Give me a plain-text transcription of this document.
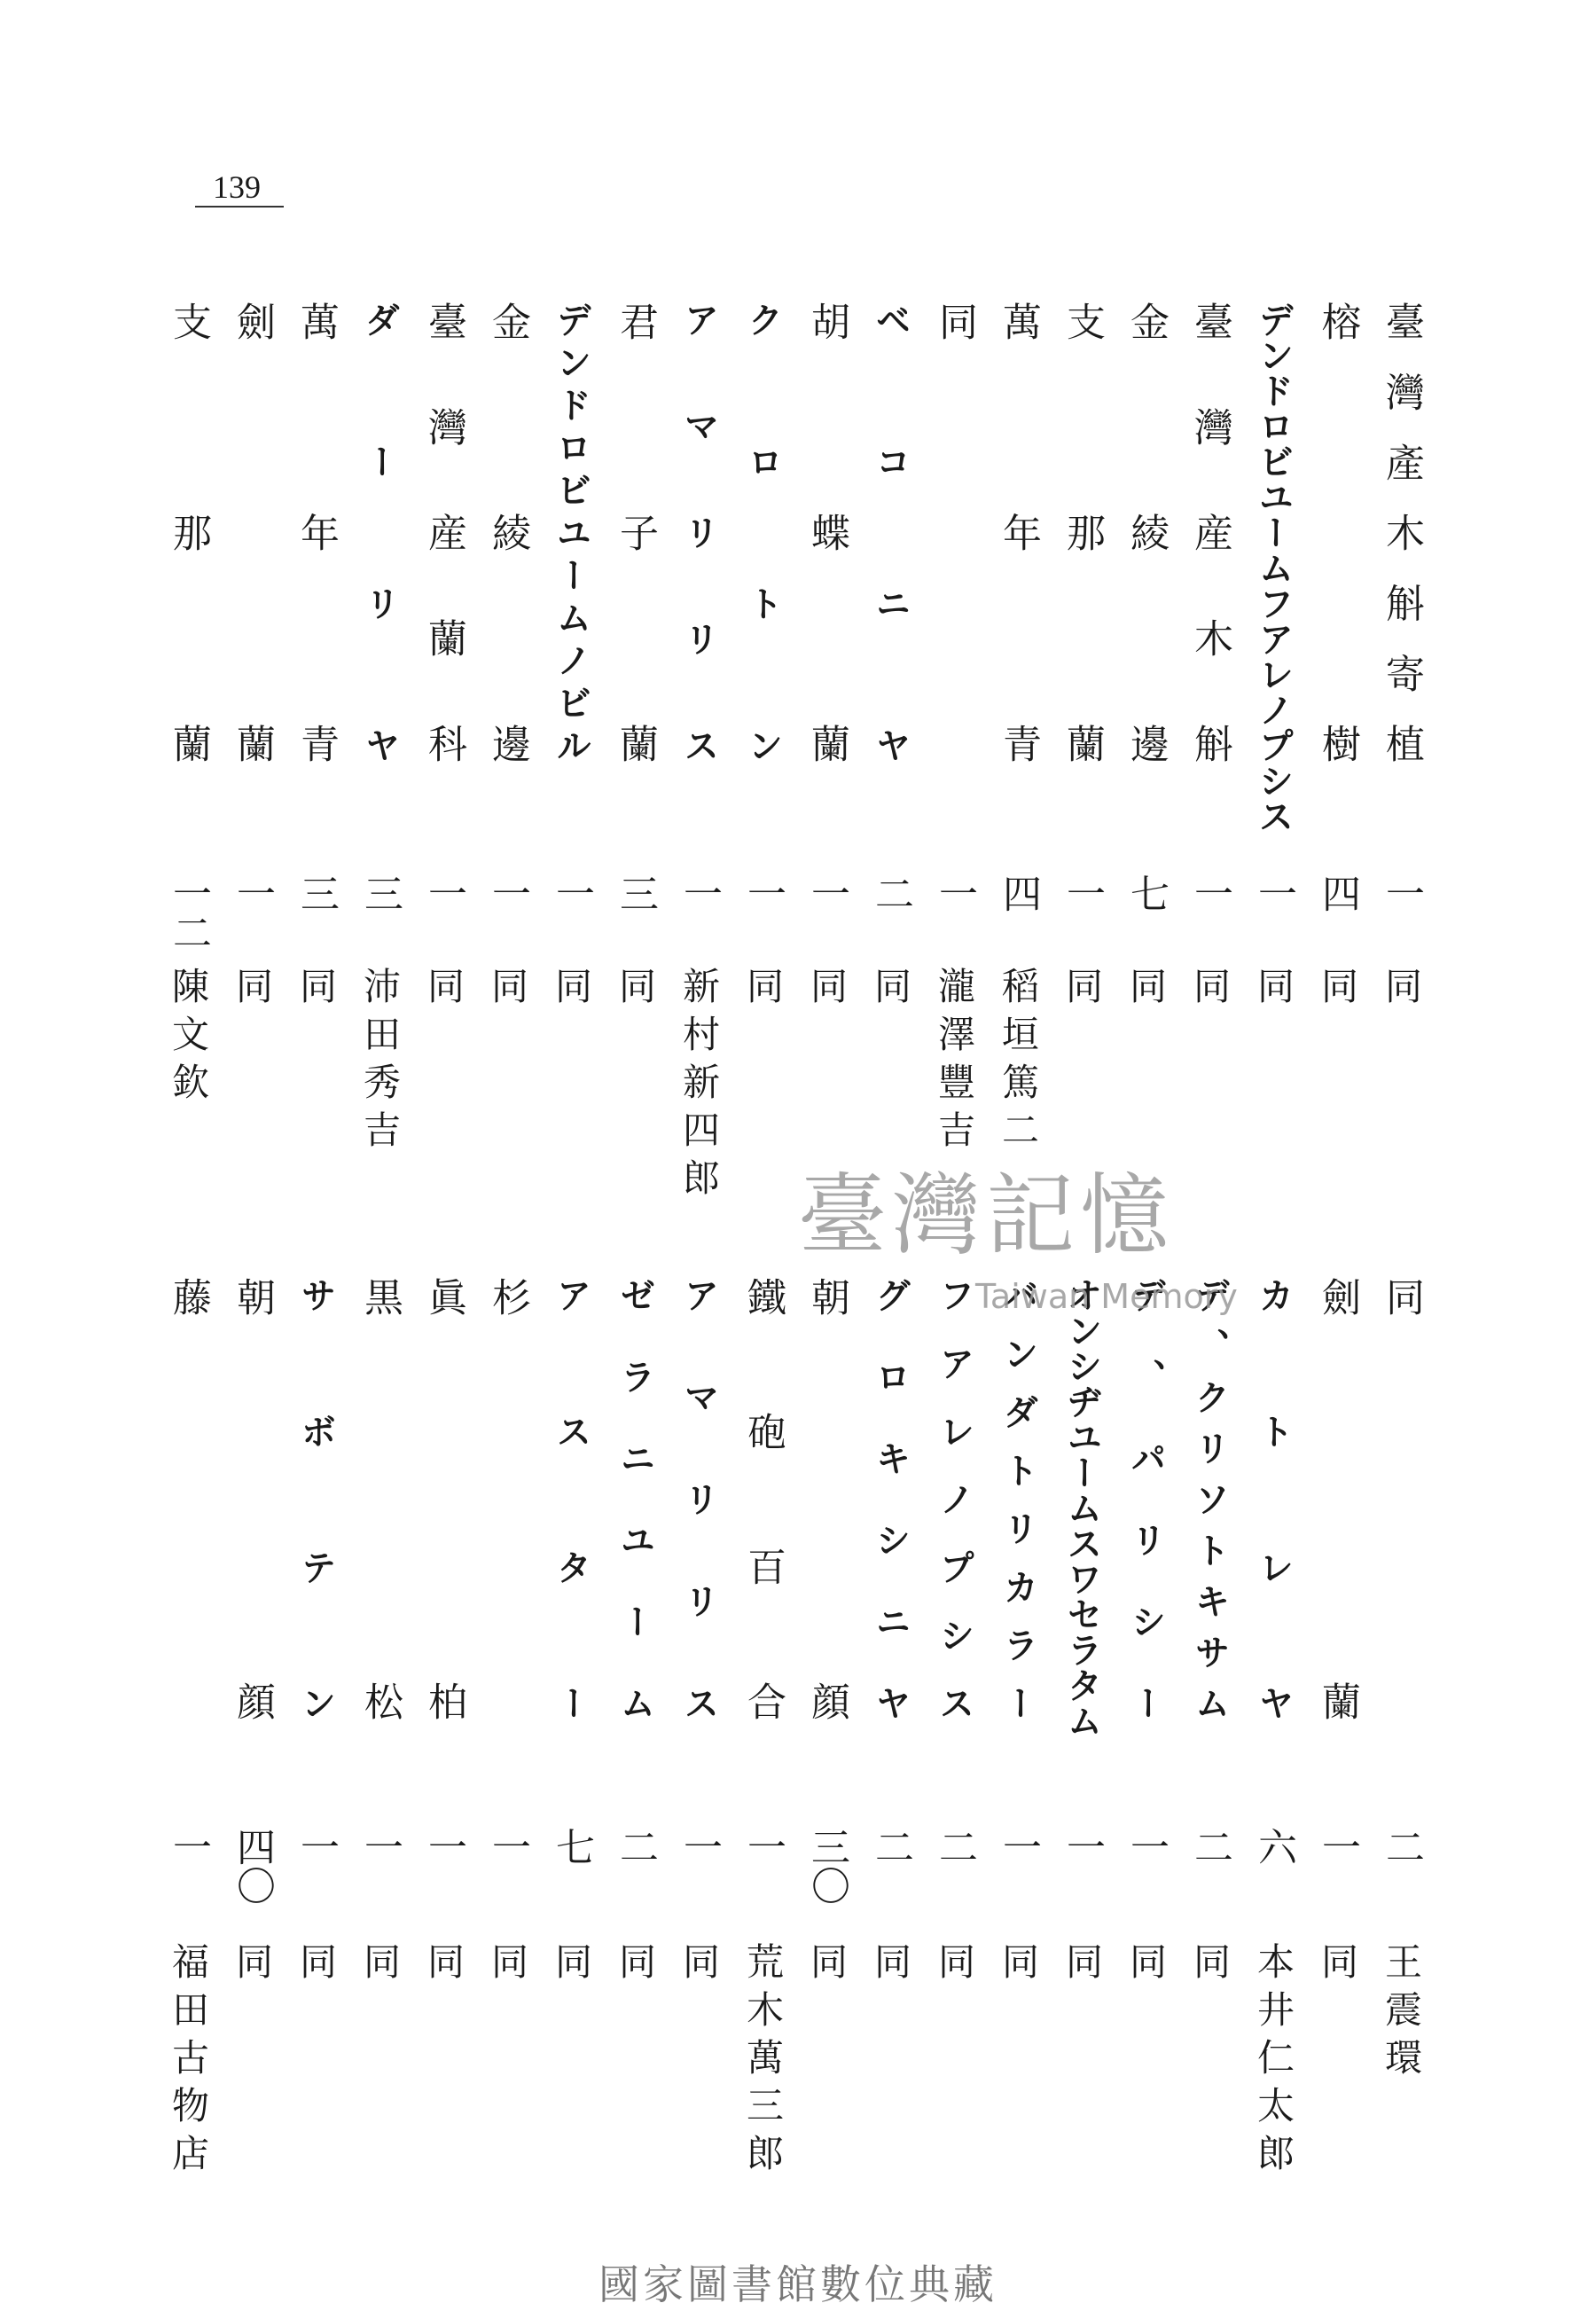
139
臺灣產木斛寄植
一
同
榕樹
四
同
デンドロビユームフアレノプシス
一
同
臺灣産木斛
一
同
金綾邊
七
同
支那蘭
一
同
萬年青
四
稻垣篤二
同
一
瀧澤豐吉
ベコニヤ
二
同
胡蝶蘭
一
同
クロトン
一
同
アマリリス
一
新村新四郎
君子蘭
三
同
デンドロビユームノビル
一
同
金綾邊
一
同
臺灣産蘭科
一
同
ダーリヤ
三
沛田秀吉
萬年青
三
同
劍蘭
一
同
支那蘭
一二
陳文欽
同
二
王震環
劍蘭
一
同
カトレヤ
六
本井仁太郎
デ、クリソトキサム
二
同
デ、パリシー
一
同
オンシヂユームスワセラタム
一
同
バンダトリカラー
一
同
フアレノプシス
二
同
グロキシニヤ
二
同
朝顔
三〇
同
鐵砲百合
一
荒木萬三郎
アマリリス
一
同
ゼラニユーム
二
同
アスター
七
同
杉
一
同
眞柏
一
同
黒松
一
同
サボテン
一
同
朝顔
四〇
同
藤
一
福田古物店
臺灣記憶
Taiwan Memory
國家圖書館數位典藏
